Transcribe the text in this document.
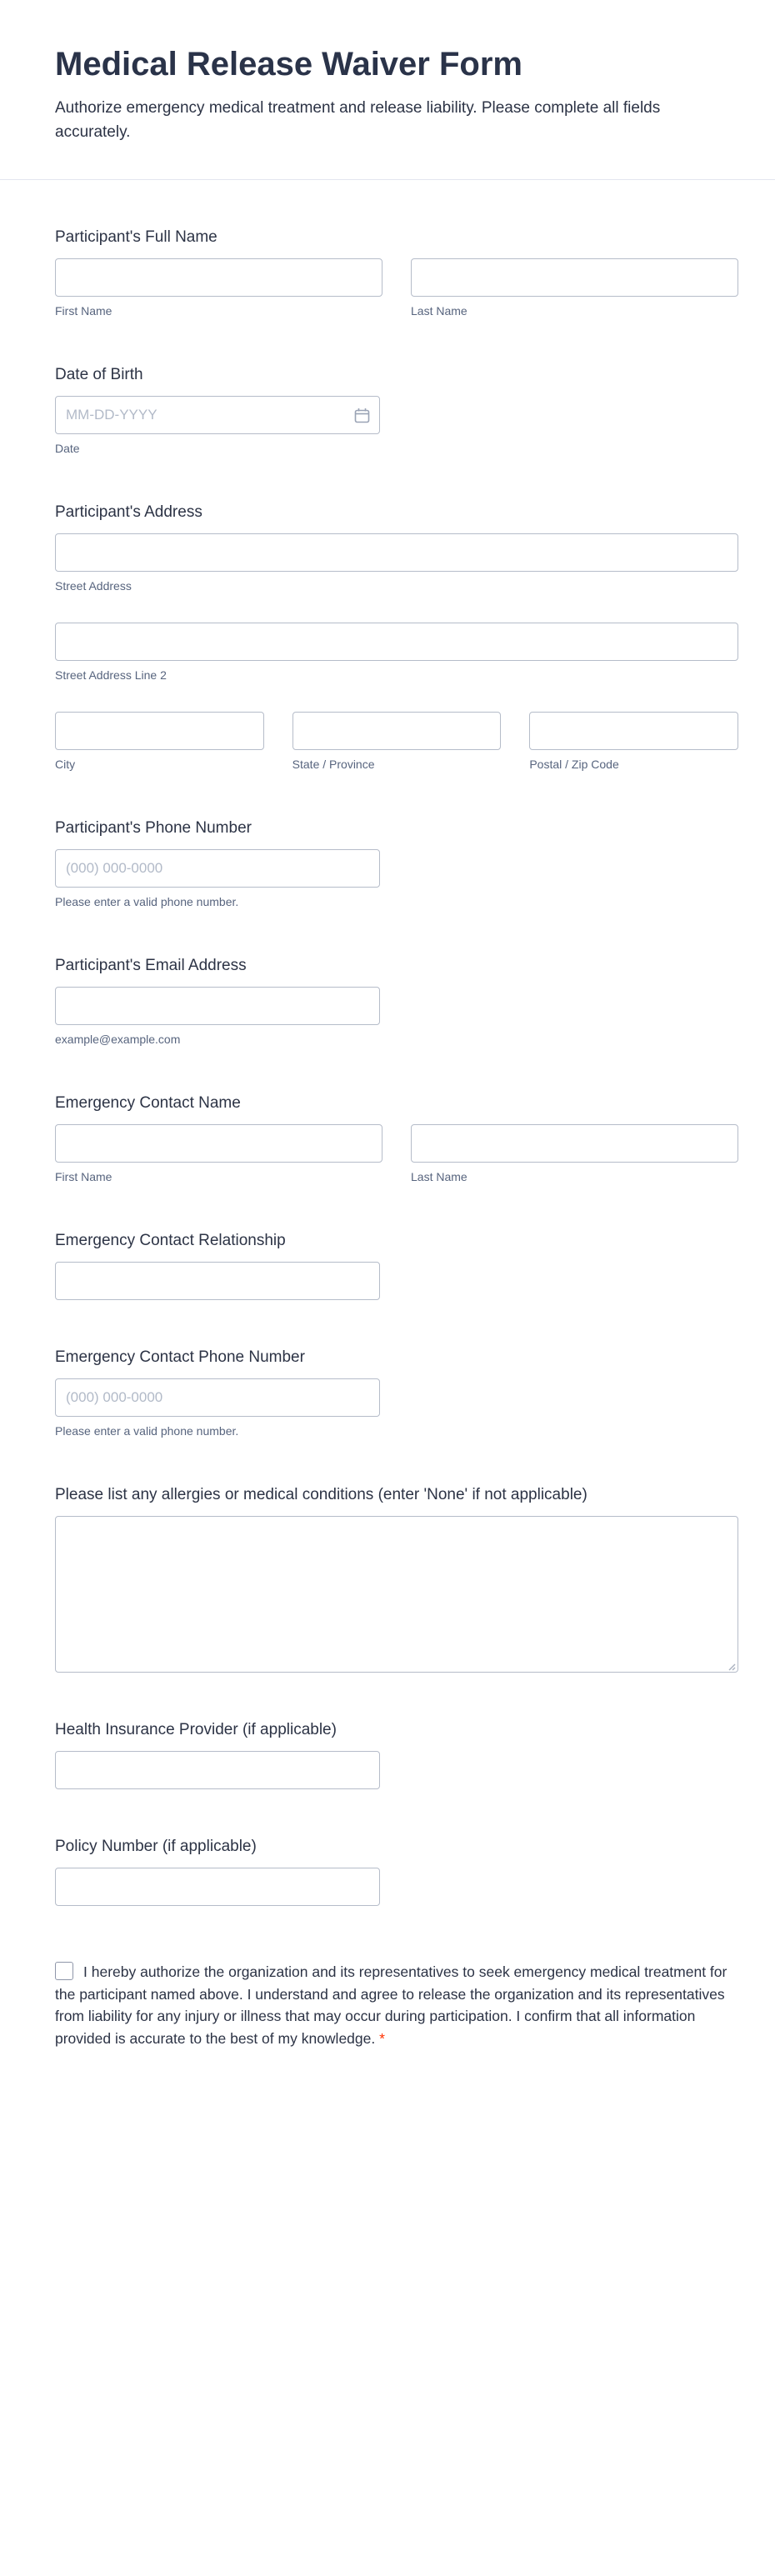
Medical Release Waiver Form

Authorize emergency medical treatment and release liability. Please complete all fields accurately.

Participant's Full Name
First Name	Last Name
Date of Birth
MM-DD-YYYY
Date
Participant's Address
Street Address
Street Address Line 2
City	State / Province	Postal / Zip Code
Participant's Phone Number
(000) 000-0000
Please enter a valid phone number.
Participant's Email Address
example@example.com
Emergency Contact Name
First Name	Last Name
Emergency Contact Relationship
Emergency Contact Phone Number
(000) 000-0000
Please enter a valid phone number.
Please list any allergies or medical conditions (enter 'None' if not applicable)
Health Insurance Provider (if applicable)
Policy Number (if applicable)
I hereby authorize the organization and its representatives to seek emergency medical treatment for the participant named above. I understand and agree to release the organization and its representatives from liability for any injury or illness that may occur during participation. I confirm that all information provided is accurate to the best of my knowledge. *
